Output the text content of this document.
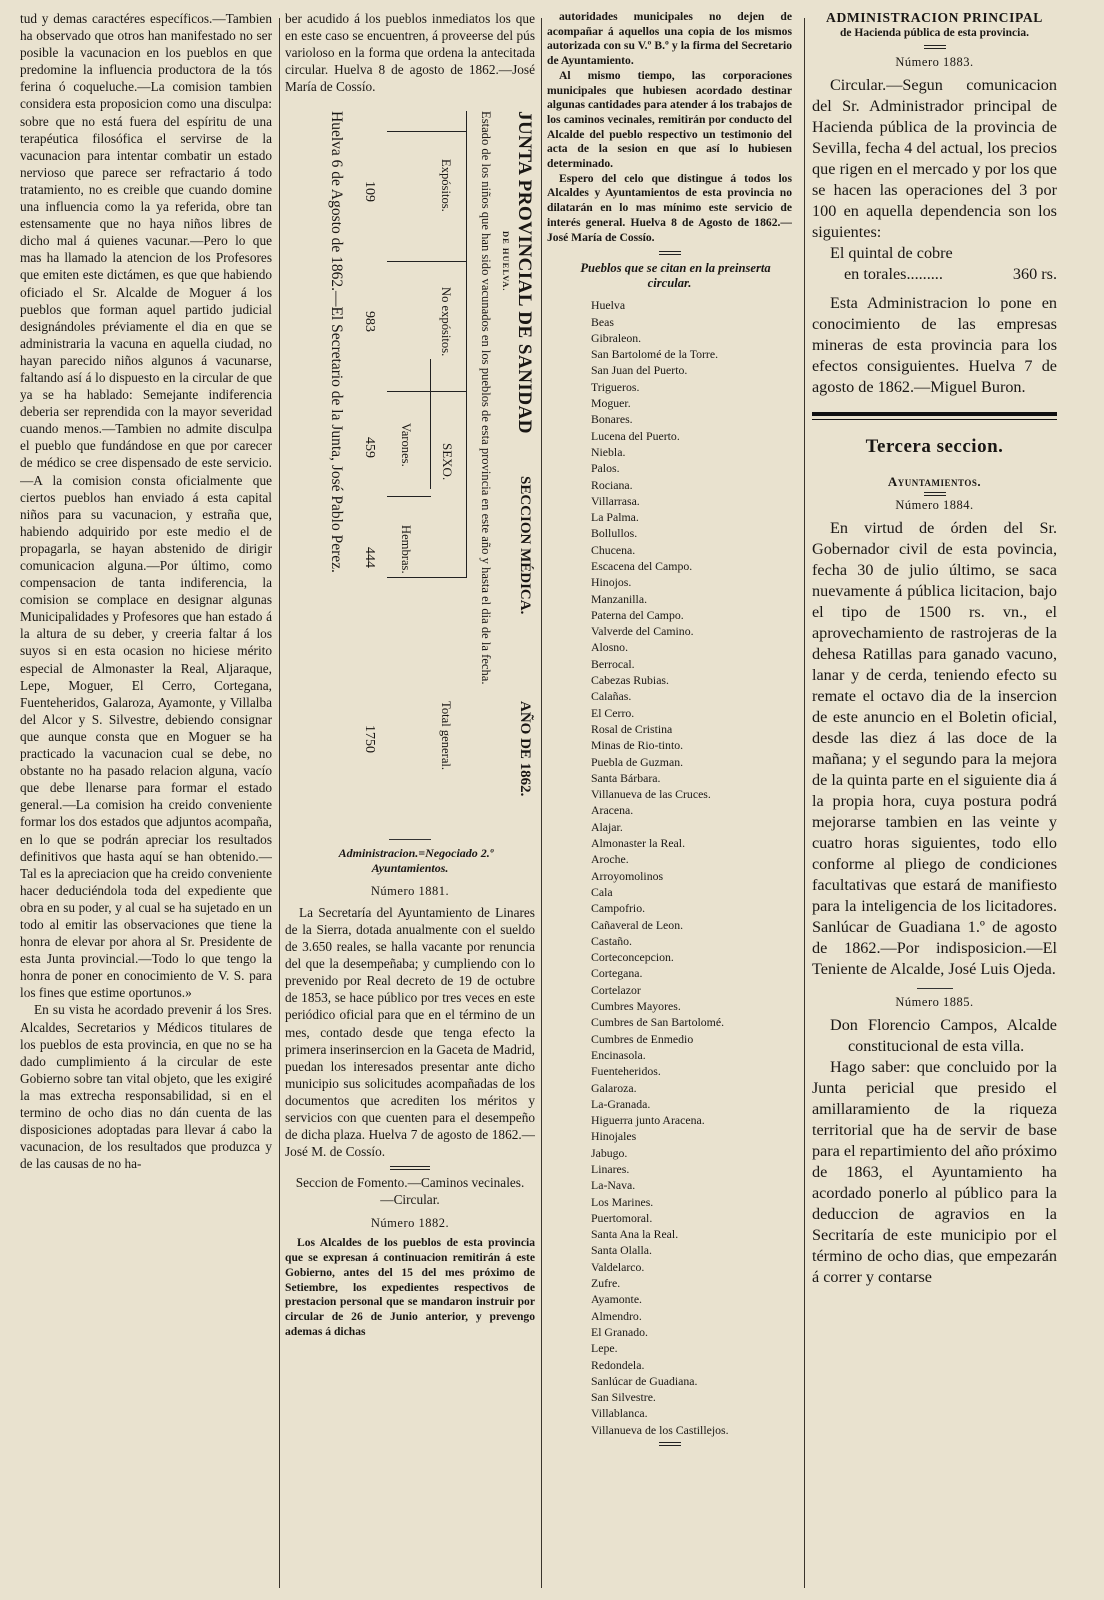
tud y demas caractéres específicos.—Tambien ha observado que otros han manifestado no ser posible la vacunacion en los pueblos en que predomine la influencia productora de la tós ferina ó coqueluche.—La comision tambien considera esta proposicion como una disculpa: sobre que no está fuera del espíritu de una terapéutica filosófica el servirse de la vacunacion para intentar combatir un estado nervioso que parece ser refractario á todo tratamiento, no es creible que cuando domine una influencia como la ya referida, obre tan estensamente que no haya niños libres de dicho mal á quienes vacunar.—Pero lo que mas ha llamado la atencion de los Profesores que emiten este dictámen, es que que habiendo oficiado el Sr. Alcalde de Moguer á los pueblos que forman aquel partido judicial designándoles préviamente el dia en que se administraria la vacuna en aquella ciudad, no hayan parecido niños algunos á vacunarse, faltando así á lo dispuesto en la circular de que ya se ha hablado: Semejante indiferencia deberia ser reprendida con la mayor severidad cuando menos.—Tambien no admite disculpa el pueblo que fundándose en que por carecer de médico se cree dispensado de este servicio.—A la comision consta oficialmente que ciertos pueblos han enviado á esta capital niños para su vacunacion, y estraña que, habiendo adquirido por este medio el de propagarla, se hayan abstenido de dirigir comunicacion alguna.—Por último, como compensacion de tanta indiferencia, la comision se complace en designar algunas Municipalidades y Profesores que han estado á la altura de su deber, y creeria faltar á los suyos si en esta ocasion no hiciese mérito especial de Almonaster la Real, Aljaraque, Lepe, Moguer, El Cerro, Cortegana, Fuenteheridos, Galaroza, Ayamonte, y Villalba del Alcor y S. Silvestre, debiendo consignar que aunque consta que en Moguer se ha practicado la vacunacion cual se debe, no obstante no ha pasado relacion alguna, vacío que debe llenarse para formar el estado general.—La comision ha creido conveniente formar los dos estados que adjuntos acompaña, en lo que se podrán apreciar los resultados definitivos que hasta aquí se han obtenido.—Tal es la apreciacion que ha creido conveniente hacer deduciéndola toda del expediente que obra en su poder, y al cual se ha sujetado en un todo al emitir las observaciones que tiene la honra de elevar por ahora al Sr. Presidente de esta Junta provincial.—Todo lo que tengo la honra de poner en conocimiento de V. S. para los fines que estime oportunos.»

En su vista he acordado prevenir á los Sres. Alcaldes, Secretarios y Médicos titulares de los pueblos de esta provincia, en que no se ha dado cumplimiento á la circular de este Gobierno sobre tan vital objeto, que les exigiré la mas extrecha responsabilidad, si en el termino de ocho dias no dán cuenta de las disposiciones adoptadas para llevar á cabo la vacunacion, de los resultados que produzca y de las causas de no ha-

ber acudido á los pueblos inmediatos los que en este caso se encuentren, á proveerse del pús varioloso en la forma que ordena la antecitada circular. Huelva 8 de agosto de 1862.—José María de Cossío.

JUNTA PROVINCIAL DE SANIDAD
SECCION MÉDICA.
AÑO DE 1862.
DE HUELVA.
Estado de los niños que han sido vacunados en los pueblos de esta provincia en este año y hasta el dia de la fecha.
SEXO.
Expósitos.
No expósitos.
Varones.
Hembras.
Total general.
109
983
459
444
1750
Huelva 6 de Agosto de 1862.—El Secretario de la Junta, José Pablo Perez.

Administracion.=Negociado 2.º Ayuntamientos.

Número 1881.

La Secretaría del Ayuntamiento de Linares de la Sierra, dotada anualmente con el sueldo de 3.650 reales, se halla vacante por renuncia del que la desempeñaba; y cumpliendo con lo prevenido por Real decreto de 19 de octubre de 1853, se hace público por tres veces en este periódico oficial para que en el término de un mes, contado desde que tenga efecto la primera inserinsercion en la Gaceta de Madrid, puedan los interesados presentar ante dicho municipio sus solicitudes acompañadas de los documentos que acrediten los méritos y servicios con que cuenten para el desempeño de dicha plaza. Huelva 7 de agosto de 1862.—José M. de Cossío.

Seccion de Fomento.—Caminos vecinales.—Circular.

Número 1882.

Los Alcaldes de los pueblos de esta provincia que se expresan á continuacion remitirán á este Gobierno, antes del 15 del mes próximo de Setiembre, los expedientes respectivos de prestacion personal que se mandaron instruir por circular de 26 de Junio anterior, y prevengo ademas á dichas

autoridades municipales no dejen de acompañar á aquellos una copia de los mismos autorizada con su V.º B.º y la firma del Secretario de Ayuntamiento.

Al mismo tiempo, las corporaciones municipales que hubiesen acordado destinar algunas cantidades para atender á los trabajos de los caminos vecinales, remitirán por conducto del Alcalde del pueblo respectivo un testimonio del acta de la sesion en que así lo hubiesen determinado.

Espero del celo que distingue á todos los Alcaldes y Ayuntamientos de esta provincia no dilatarán en lo mas mínimo este servicio de interés general. Huelva 8 de Agosto de 1862.—José María de Cossío.

Pueblos que se citan en la preinserta circular.

Huelva

Beas

Gibraleon.

San Bartolomé de la Torre.

San Juan del Puerto.

Trigueros.

Moguer.

Bonares.

Lucena del Puerto.

Niebla.

Palos.

Rociana.

Villarrasa.

La Palma.

Bollullos.

Chucena.

Escacena del Campo.

Hinojos.

Manzanilla.

Paterna del Campo.

Valverde del Camino.

Alosno.

Berrocal.

Cabezas Rubias.

Calañas.

El Cerro.

Rosal de Cristina

Minas de Rio-tinto.

Puebla de Guzman.

Santa Bárbara.

Villanueva de las Cruces.

Aracena.

Alajar.

Almonaster la Real.

Aroche.

Arroyomolinos

Cala

Campofrio.

Cañaveral de Leon.

Castaño.

Corteconcepcion.

Cortegana.

Cortelazor

Cumbres Mayores.

Cumbres de San Bartolomé.

Cumbres de Enmedio

Encinasola.

Fuenteheridos.

Galaroza.

La-Granada.

Higuerra junto Aracena.

Hinojales

Jabugo.

Linares.

La-Nava.

Los Marines.

Puertomoral.

Santa Ana la Real.

Santa Olalla.

Valdelarco.

Zufre.

Ayamonte.

Almendro.

El Granado.

Lepe.

Redondela.

Sanlúcar de Guadiana.

San Silvestre.

Villablanca.

Villanueva de los Castillejos.

ADMINISTRACION PRINCIPAL

de Hacienda pública de esta provincia.

Número 1883.

Circular.—Segun comunicacion del Sr. Administrador principal de Hacienda pública de la provincia de Sevilla, fecha 4 del actual, los precios que rigen en el mercado y por los que se hacen las operaciones del 3 por 100 en aquella dependencia son los siguientes:

El quintal de cobre

en torales.........	360 rs.

Esta Administracion lo pone en conocimiento de las empresas mineras de esta provincia para los efectos consiguientes. Huelva 7 de agosto de 1862.—Miguel Buron.

Tercera seccion.

Ayuntamientos.

Número 1884.

En virtud de órden del Sr. Gobernador civil de esta povincia, fecha 30 de julio último, se saca nuevamente á pública licitacion, bajo el tipo de 1500 rs. vn., el aprovechamiento de rastrojeras de la dehesa Ratillas para ganado vacuno, lanar y de cerda, teniendo efecto su remate el octavo dia de la insercion de este anuncio en el Boletin oficial, desde las diez á las doce de la mañana; y el segundo para la mejora de la quinta parte en el siguiente dia á la propia hora, cuya postura podrá mejorarse tambien en las veinte y cuatro horas siguientes, todo ello conforme al pliego de condiciones facultativas que estará de manifiesto para la inteligencia de los licitadores. Sanlúcar de Guadiana 1.º de agosto de 1862.—Por indisposicion.—El Teniente de Alcalde, José Luis Ojeda.

Número 1885.

Don Florencio Campos, Alcalde constitucional de esta villa.

Hago saber: que concluido por la Junta pericial que presido el amillaramiento de la riqueza territorial que ha de servir de base para el repartimiento del año próximo de 1863, el Ayuntamiento ha acordado ponerlo al público para la deduccion de agravios en la Secritaría de este municipio por el término de ocho dias, que empezarán á correr y contarse
